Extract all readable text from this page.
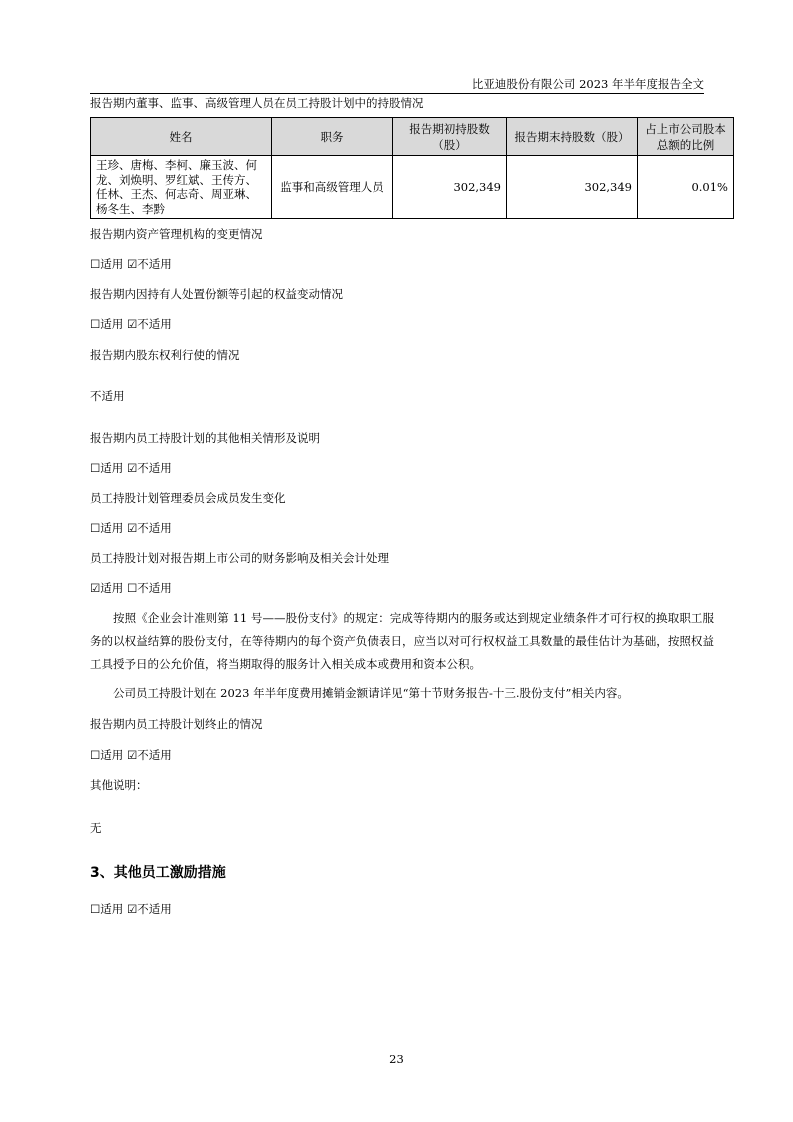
比亚迪股份有限公司 2023 年半年度报告全文
报告期内董事、监事、高级管理人员在员工持股计划中的持股情况
姓名	职务	报告期初持股数（股）	报告期末持股数（股）	占上市公司股本总额的比例
王珍、唐梅、李柯、廉玉波、何龙、刘焕明、罗红斌、王传方、任林、王杰、何志奇、周亚琳、杨冬生、李黔	监事和高级管理人员	302,349	302,349	0.01%
报告期内资产管理机构的变更情况
☐适用 ☑不适用
报告期内因持有人处置份额等引起的权益变动情况
☐适用 ☑不适用
报告期内股东权利行使的情况
不适用
报告期内员工持股计划的其他相关情形及说明
☐适用 ☑不适用
员工持股计划管理委员会成员发生变化
☐适用 ☑不适用
员工持股计划对报告期上市公司的财务影响及相关会计处理
☑适用 ☐不适用
按照《企业会计准则第 11 号——股份支付》的规定：完成等待期内的服务或达到规定业绩条件才可行权的换取职工服务的以权益结算的股份支付，在等待期内的每个资产负债表日，应当以对可行权权益工具数量的最佳估计为基础，按照权益工具授予日的公允价值，将当期取得的服务计入相关成本或费用和资本公积。
公司员工持股计划在 2023 年半年度费用摊销金额请详见“第十节财务报告-十三.股份支付”相关内容。
报告期内员工持股计划终止的情况
☐适用 ☑不适用
其他说明：
无
3、其他员工激励措施
☐适用 ☑不适用
23
